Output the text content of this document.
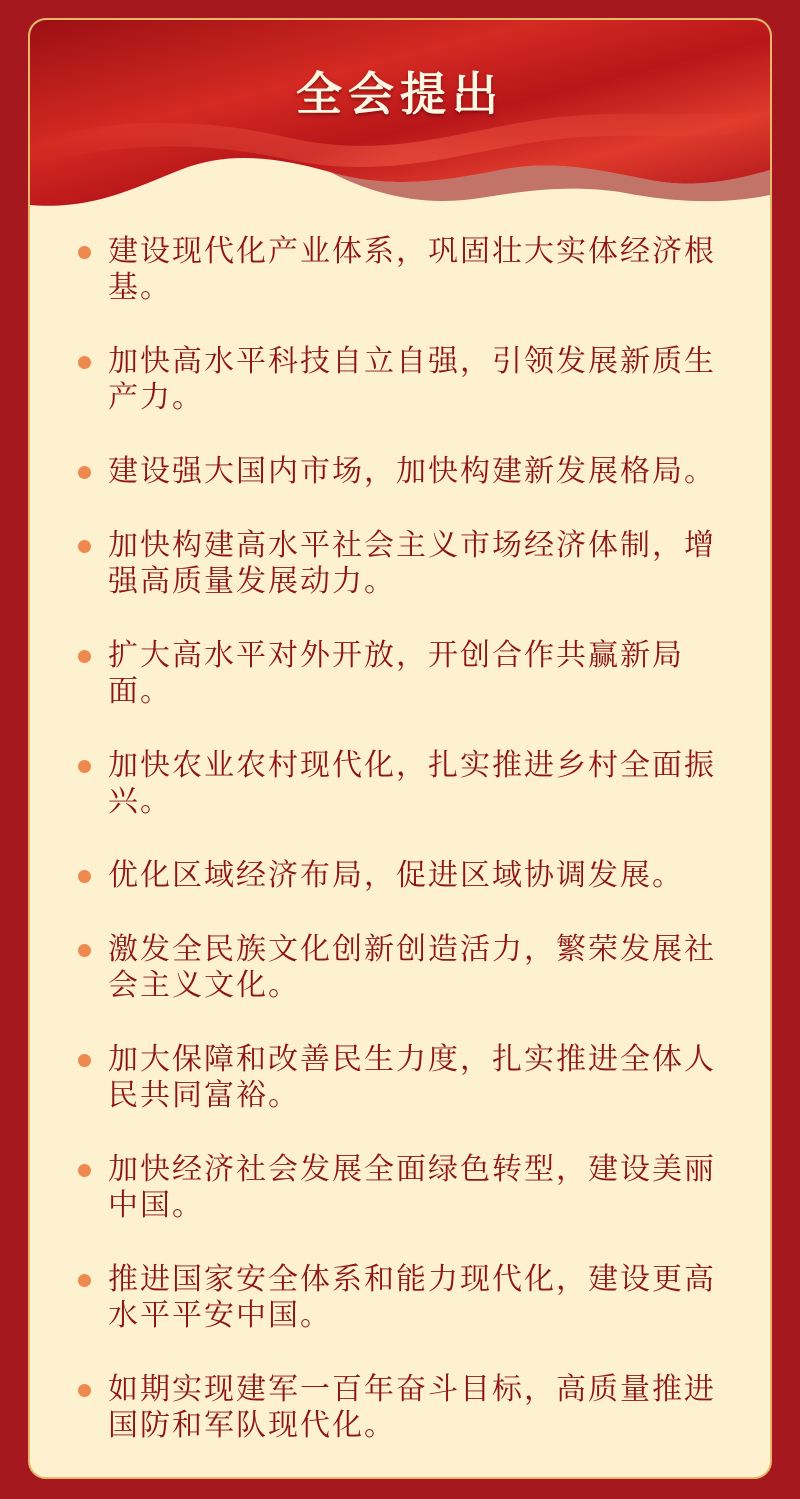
全会提出
建设现代化产业体系，巩固壮大实体经济根基。
加快高水平科技自立自强，引领发展新质生产力。
建设强大国内市场，加快构建新发展格局。
加快构建高水平社会主义市场经济体制，增强高质量发展动力。
扩大高水平对外开放，开创合作共赢新局面。
加快农业农村现代化，扎实推进乡村全面振兴。
优化区域经济布局，促进区域协调发展。
激发全民族文化创新创造活力，繁荣发展社会主义文化。
加大保障和改善民生力度，扎实推进全体人民共同富裕。
加快经济社会发展全面绿色转型，建设美丽中国。
推进国家安全体系和能力现代化，建设更高水平平安中国。
如期实现建军一百年奋斗目标，高质量推进国防和军队现代化。
